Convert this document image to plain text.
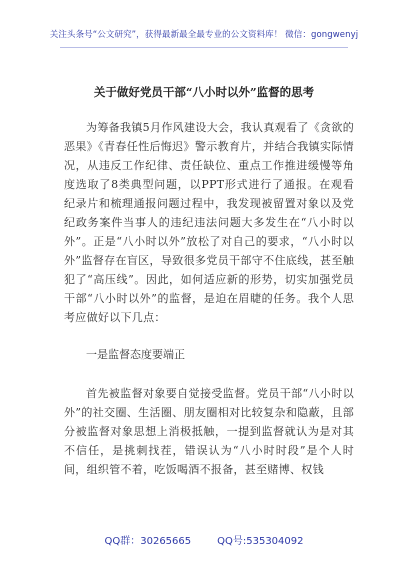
关注头条号“公文研究”，获得最新最全最专业的公文资料库！ 微信：gongwenyj
关于做好党员干部“八小时以外”监督的思考

为筹备我镇5月作风建设大会，我认真观看了《贪欲的恶果》《青春任性后悔迟》警示教育片，并结合我镇实际情况，从违反工作纪律、责任缺位、重点工作推进缓慢等角度选取了8类典型问题，以PPT形式进行了通报。在观看纪录片和梳理通报问题过程中，我发现被留置对象以及党纪政务案件当事人的违纪违法问题大多发生在“八小时以外”。正是“八小时以外”放松了对自己的要求，“八小时以外”监督存在盲区，导致很多党员干部守不住底线，甚至触犯了“高压线”。因此，如何适应新的形势，切实加强党员干部“八小时以外”的监督，是迫在眉睫的任务。我个人思考应做好以下几点：

一是监督态度要端正

首先被监督对象要自觉接受监督。党员干部“八小时以外”的社交圈、生活圈、朋友圈相对比较复杂和隐蔽，且部分被监督对象思想上消极抵触，一提到监督就认为是对其不信任，是挑刺找茬，错误认为“八小时时段”是个人时间，组织管不着，吃饭喝酒不报备，甚至赌博、权钱

QQ群：30265665	QQ号:535304092
